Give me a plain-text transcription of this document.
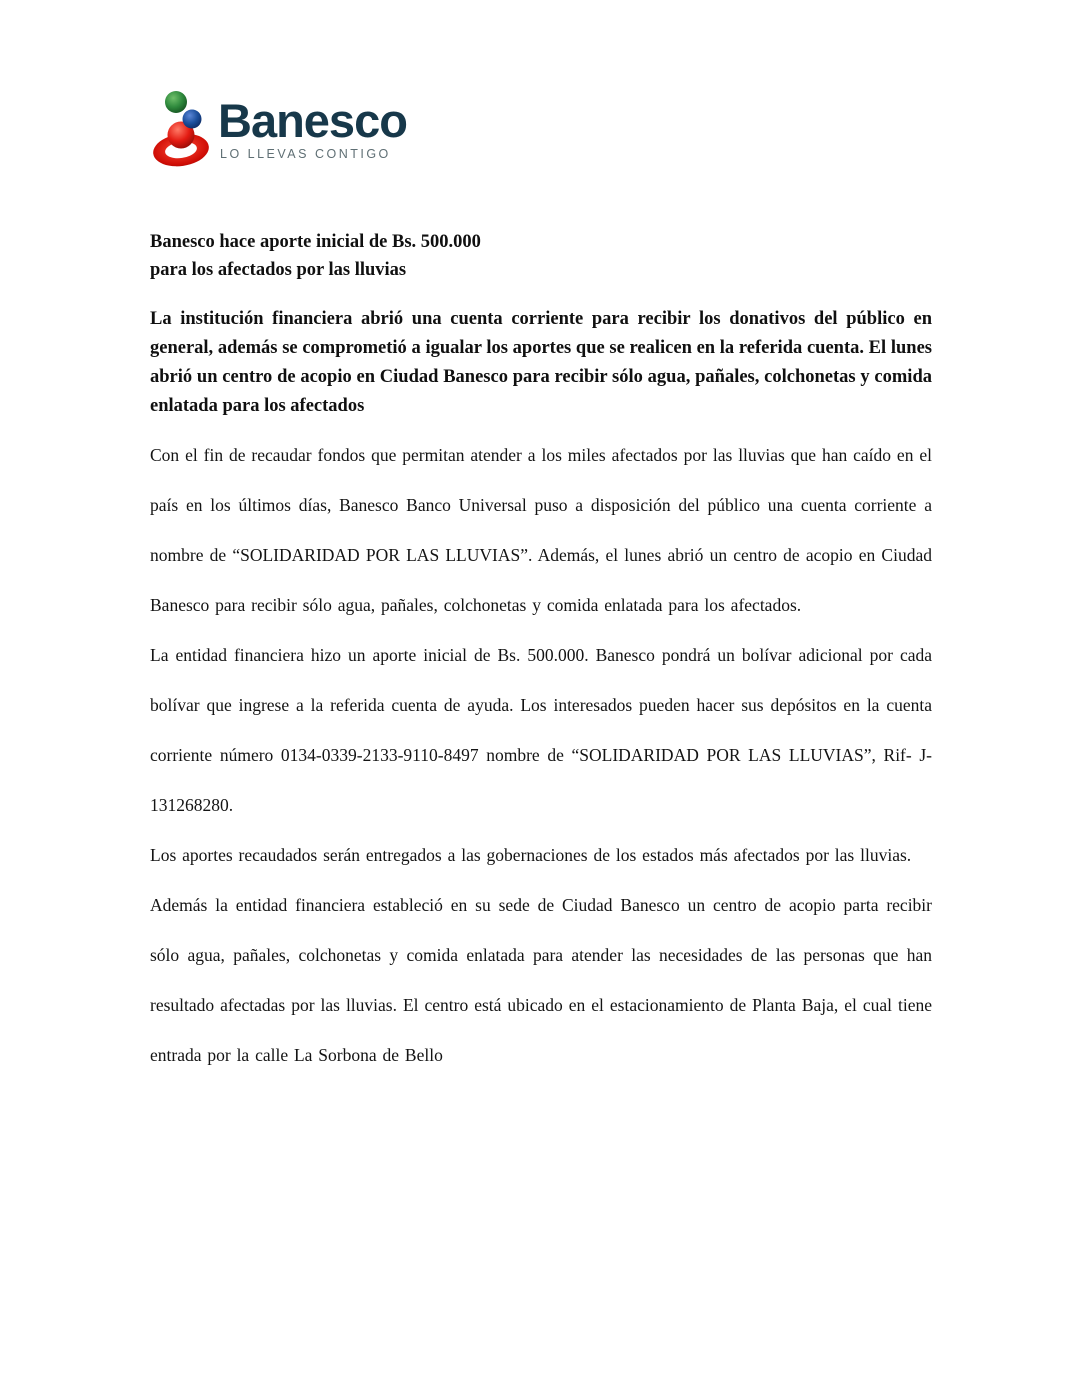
Banesco
LO LLEVAS CONTIGO
Banesco hace aporte inicial de Bs. 500.000
para los afectados por las lluvias
La institución financiera abrió una cuenta corriente para recibir los donativos del público en general, además se comprometió a igualar los aportes que se realicen en la referida cuenta. El lunes abrió un centro de acopio en Ciudad Banesco para recibir sólo agua, pañales, colchonetas y comida enlatada para los afectados

Con el fin de recaudar fondos que permitan atender a los miles afectados por las lluvias que han caído en el país en los últimos días, Banesco Banco Universal puso a disposición del público una cuenta corriente a nombre de “SOLIDARIDAD POR LAS LLUVIAS”. Además, el lunes abrió un centro de acopio en Ciudad Banesco para recibir sólo agua, pañales, colchonetas y comida enlatada para los afectados.

La entidad financiera hizo un aporte inicial de Bs. 500.000. Banesco pondrá un bolívar adicional por cada bolívar que ingrese a la referida cuenta de ayuda. Los interesados pueden hacer sus depósitos en la cuenta corriente número 0134-0339-2133-9110-8497 nombre de “SOLIDARIDAD POR LAS LLUVIAS”, Rif- J-131268280.

Los aportes recaudados serán entregados a las gobernaciones de los estados más afectados por las lluvias.

Además la entidad financiera estableció en su sede de Ciudad Banesco un centro de acopio parta recibir sólo agua, pañales, colchonetas y comida enlatada para atender las necesidades de las personas que han resultado afectadas por las lluvias. El centro está ubicado en el estacionamiento de Planta Baja, el cual tiene entrada por la calle La Sorbona de Bello
